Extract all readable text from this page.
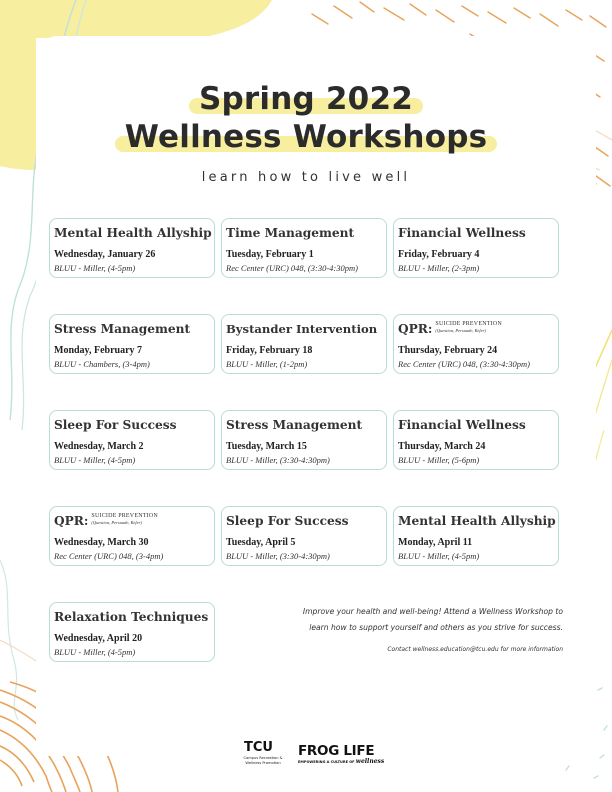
Spring 2022

Wellness Workshops
learn how to live well
Mental Health Allyship
Wednesday, January 26
BLUU - Miller, (4-5pm)
Time Management
Tuesday, February 1
Rec Center (URC) 048, (3:30-4:30pm)
Financial Wellness
Friday, February 4
BLUU - Miller, (2-3pm)
Stress Management
Monday, February 7
BLUU - Chambers, (3-4pm)
Bystander Intervention
Friday, February 18
BLUU - Miller, (1-2pm)
QPR: SUICIDE PREVENTION
(Question, Persuade, Refer)
Thursday, February 24
Rec Center (URC) 048, (3:30-4:30pm)
Sleep For Success
Wednesday, March 2
BLUU - Miller, (4-5pm)
Stress Management
Tuesday, March 15
BLUU - Miller, (3:30-4:30pm)
Financial Wellness
Thursday, March 24
BLUU - Miller, (5-6pm)
QPR: SUICIDE PREVENTION
(Question, Persuade, Refer)
Wednesday, March 30
Rec Center (URC) 048, (3-4pm)
Sleep For Success
Tuesday, April 5
BLUU - Miller, (3:30-4:30pm)
Mental Health Allyship
Monday, April 11
BLUU - Miller, (4-5pm)
Relaxation Techniques
Wednesday, April 20
BLUU - Miller, (4-5pm)
Improve your health and well-being! Attend a Wellness Workshop to
learn how to support yourself and others as you strive for success.
Contact wellness.education@tcu.edu for more information
TCU
Campus Recreation &
Wellness Promotion
FROG LIFE
EMPOWERING A CULTURE OF wellness
